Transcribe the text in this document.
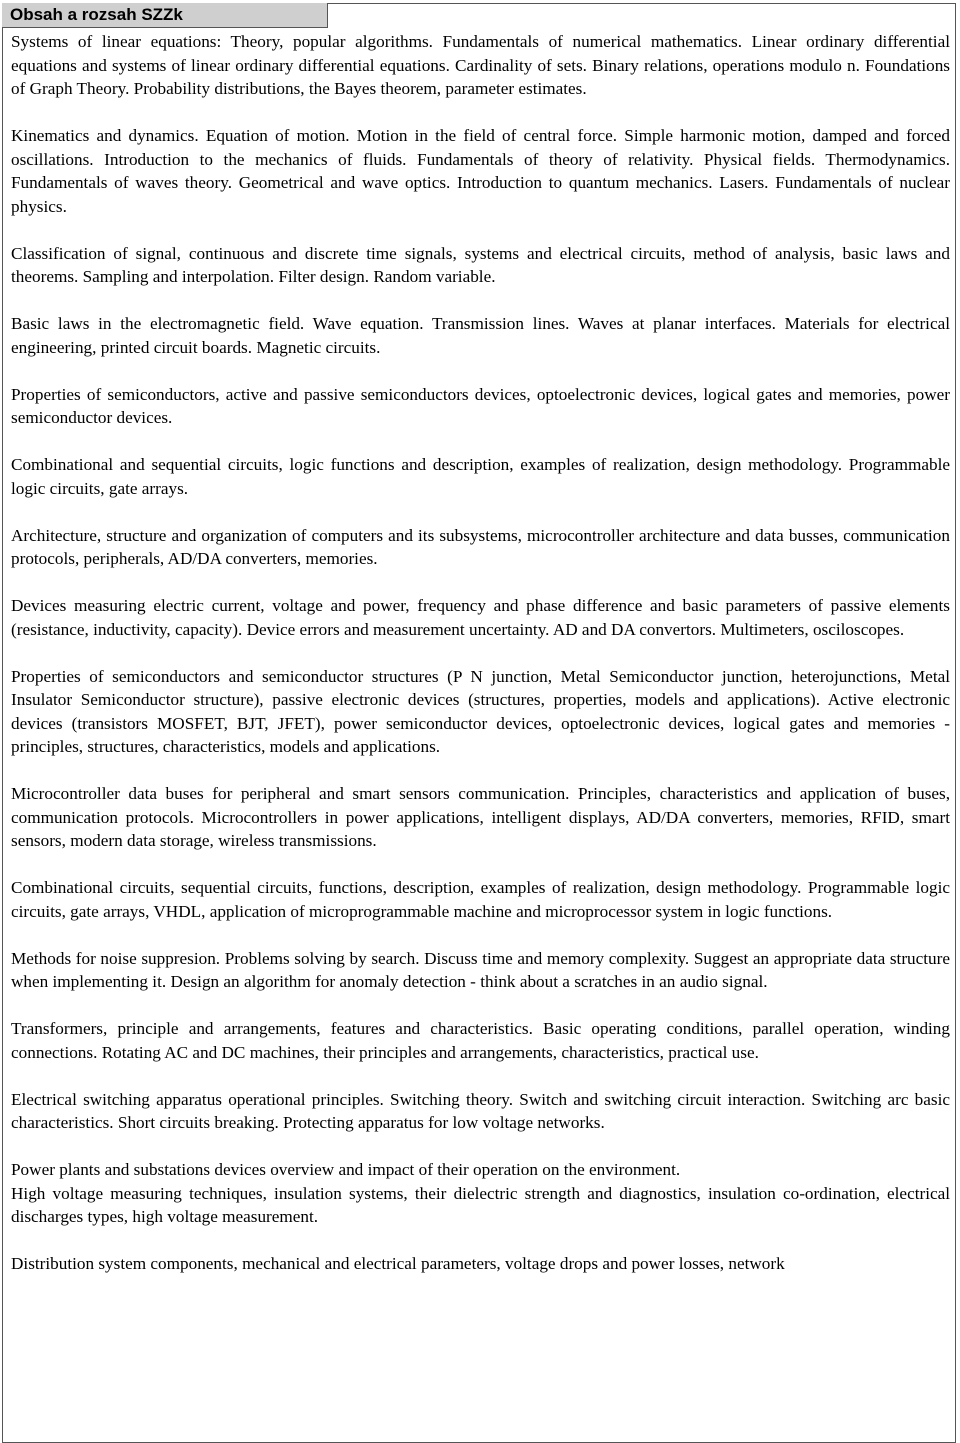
Obsah a rozsah SZZk

Systems of linear equations: Theory, popular algorithms. Fundamentals of numerical mathematics. Linear ordinary differential equations and systems of linear ordinary differential equations. Cardinality of sets. Binary relations, operations modulo n. Foundations of Graph Theory. Probability distributions, the Bayes theorem, parameter estimates.

Kinematics and dynamics. Equation of motion. Motion in the field of central force. Simple harmonic motion, damped and forced oscillations. Introduction to the mechanics of fluids. Fundamentals of theory of relativity. Physical fields. Thermodynamics. Fundamentals of waves theory. Geometrical and wave optics. Introduction to quantum mechanics. Lasers. Fundamentals of nuclear physics.

Classification of signal, continuous and discrete time signals, systems and electrical circuits, method of analysis, basic laws and theorems. Sampling and interpolation. Filter design. Random variable.

Basic laws in the electromagnetic field. Wave equation. Transmission lines. Waves at planar interfaces. Materials for electrical engineering, printed circuit boards. Magnetic circuits.

Properties of semiconductors, active and passive semiconductors devices, optoelectronic devices, logical gates and memories, power semiconductor devices.

Combinational and sequential circuits, logic functions and description, examples of realization, design methodology. Programmable logic circuits, gate arrays.

Architecture, structure and organization of computers and its subsystems, microcontroller architecture and data busses, communication protocols, peripherals, AD/DA converters, memories.

Devices measuring electric current, voltage and power, frequency and phase difference and basic parameters of passive elements (resistance, inductivity, capacity). Device errors and measurement uncertainty. AD and DA convertors. Multimeters, osciloscopes.

Properties of semiconductors and semiconductor structures (P N junction, Metal Semiconductor junction, heterojunctions, Metal Insulator Semiconductor structure), passive electronic devices (structures, properties, models and applications). Active electronic devices (transistors MOSFET, BJT, JFET), power semiconductor devices, optoelectronic devices, logical gates and memories - principles, structures, characteristics, models and applications.

Microcontroller data buses for peripheral and smart sensors communication. Principles, characteristics and application of buses, communication protocols. Microcontrollers in power applications, intelligent displays, AD/DA converters, memories, RFID, smart sensors, modern data storage, wireless transmissions.

Combinational circuits, sequential circuits, functions, description, examples of realization, design methodology. Programmable logic circuits, gate arrays, VHDL, application of microprogrammable machine and microprocessor system in logic functions.

Methods for noise suppresion. Problems solving by search. Discuss time and memory complexity. Suggest an appropriate data structure when implementing it. Design an algorithm for anomaly detection - think about a scratches in an audio signal.

Transformers, principle and arrangements, features and characteristics. Basic operating conditions, parallel operation, winding connections. Rotating AC and DC machines, their principles and arrangements, characteristics, practical use.

Electrical switching apparatus operational principles. Switching theory. Switch and switching circuit interaction. Switching arc basic characteristics. Short circuits breaking. Protecting apparatus for low voltage networks.

Power plants and substations devices overview and impact of their operation on the environment.

High voltage measuring techniques, insulation systems, their dielectric strength and diagnostics, insulation co-ordination, electrical discharges types, high voltage measurement.

Distribution system components, mechanical and electrical parameters, voltage drops and power losses, network
